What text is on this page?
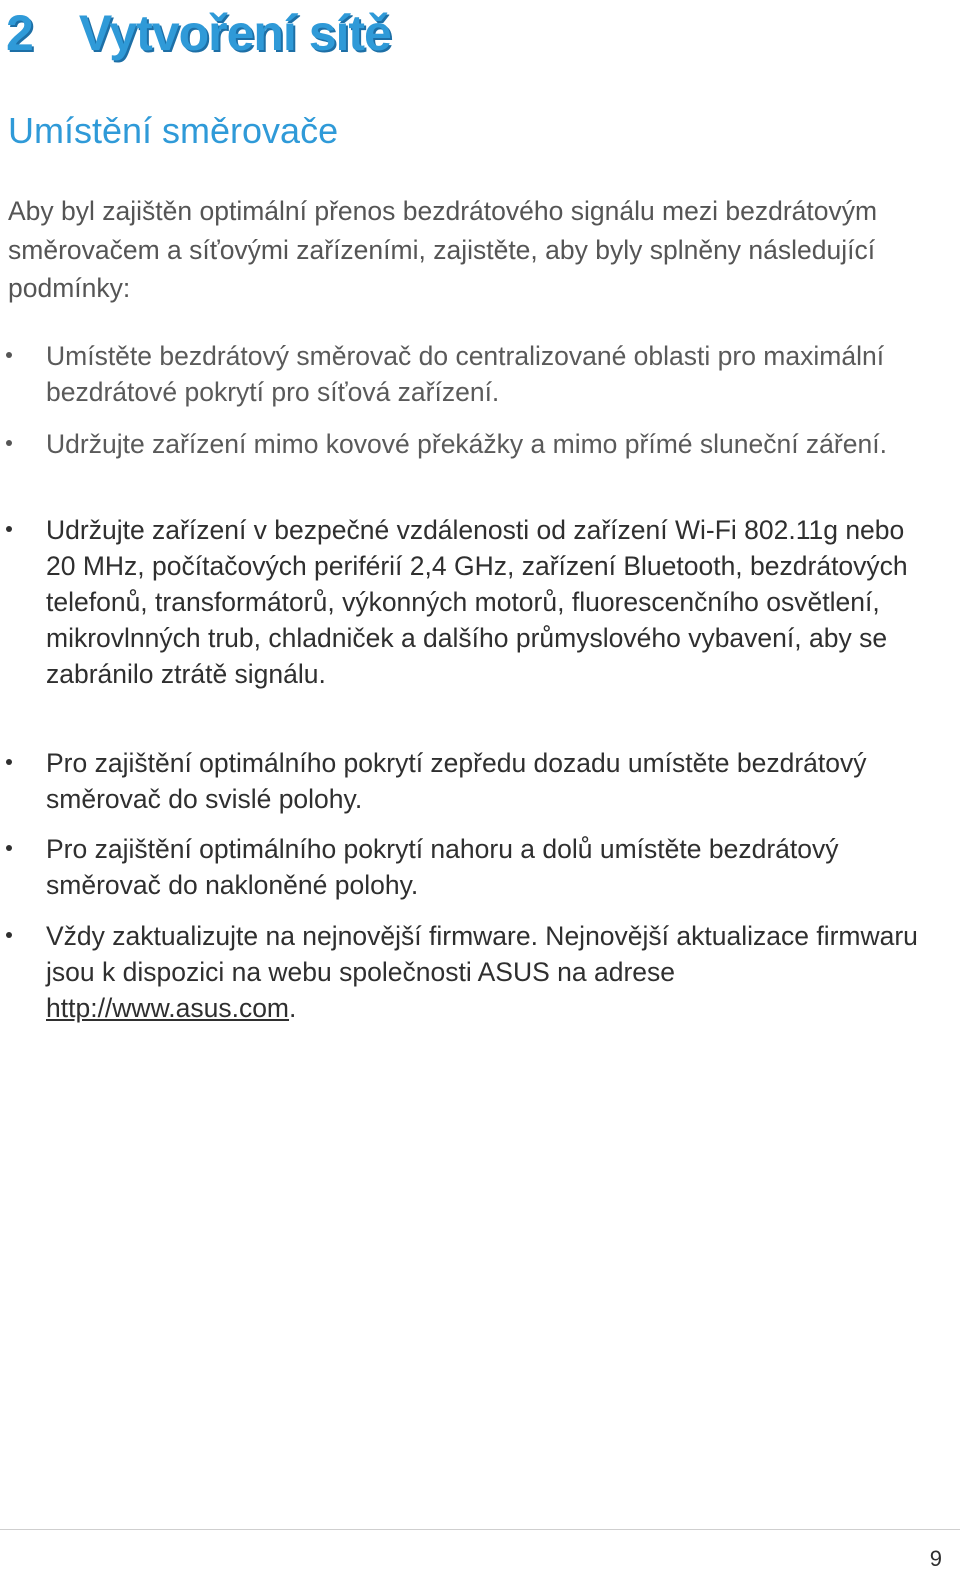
2 Vytvoření sítě
Umístění směrovače

Aby byl zajištěn optimální přenos bezdrátového signálu mezi bezdrátovým směrovačem a síťovými zařízeními, zajistěte, aby byly splněny následující podmínky:

Umístěte bezdrátový směrovač do centralizované oblasti pro maximální bezdrátové pokrytí pro síťová zařízení.
Udržujte zařízení mimo kovové překážky a mimo přímé sluneční záření.
Udržujte zařízení v bezpečné vzdálenosti od zařízení Wi-Fi 802.11g nebo 20 MHz, počítačových periférií 2,4 GHz, zařízení Bluetooth, bezdrátových telefonů, transformátorů, výkonných motorů, fluorescenčního osvětlení, mikrovlnných trub, chladniček a dalšího průmyslového vybavení, aby se zabránilo ztrátě signálu.
Pro zajištění optimálního pokrytí zepředu dozadu umístěte bezdrátový směrovač do svislé polohy.
Pro zajištění optimálního pokrytí nahoru a dolů umístěte bezdrátový směrovač do nakloněné polohy.
Vždy zaktualizujte na nejnovější firmware. Nejnovější aktualizace firmwaru jsou k dispozici na webu společnosti ASUS na adrese http://www.asus.com.
9
